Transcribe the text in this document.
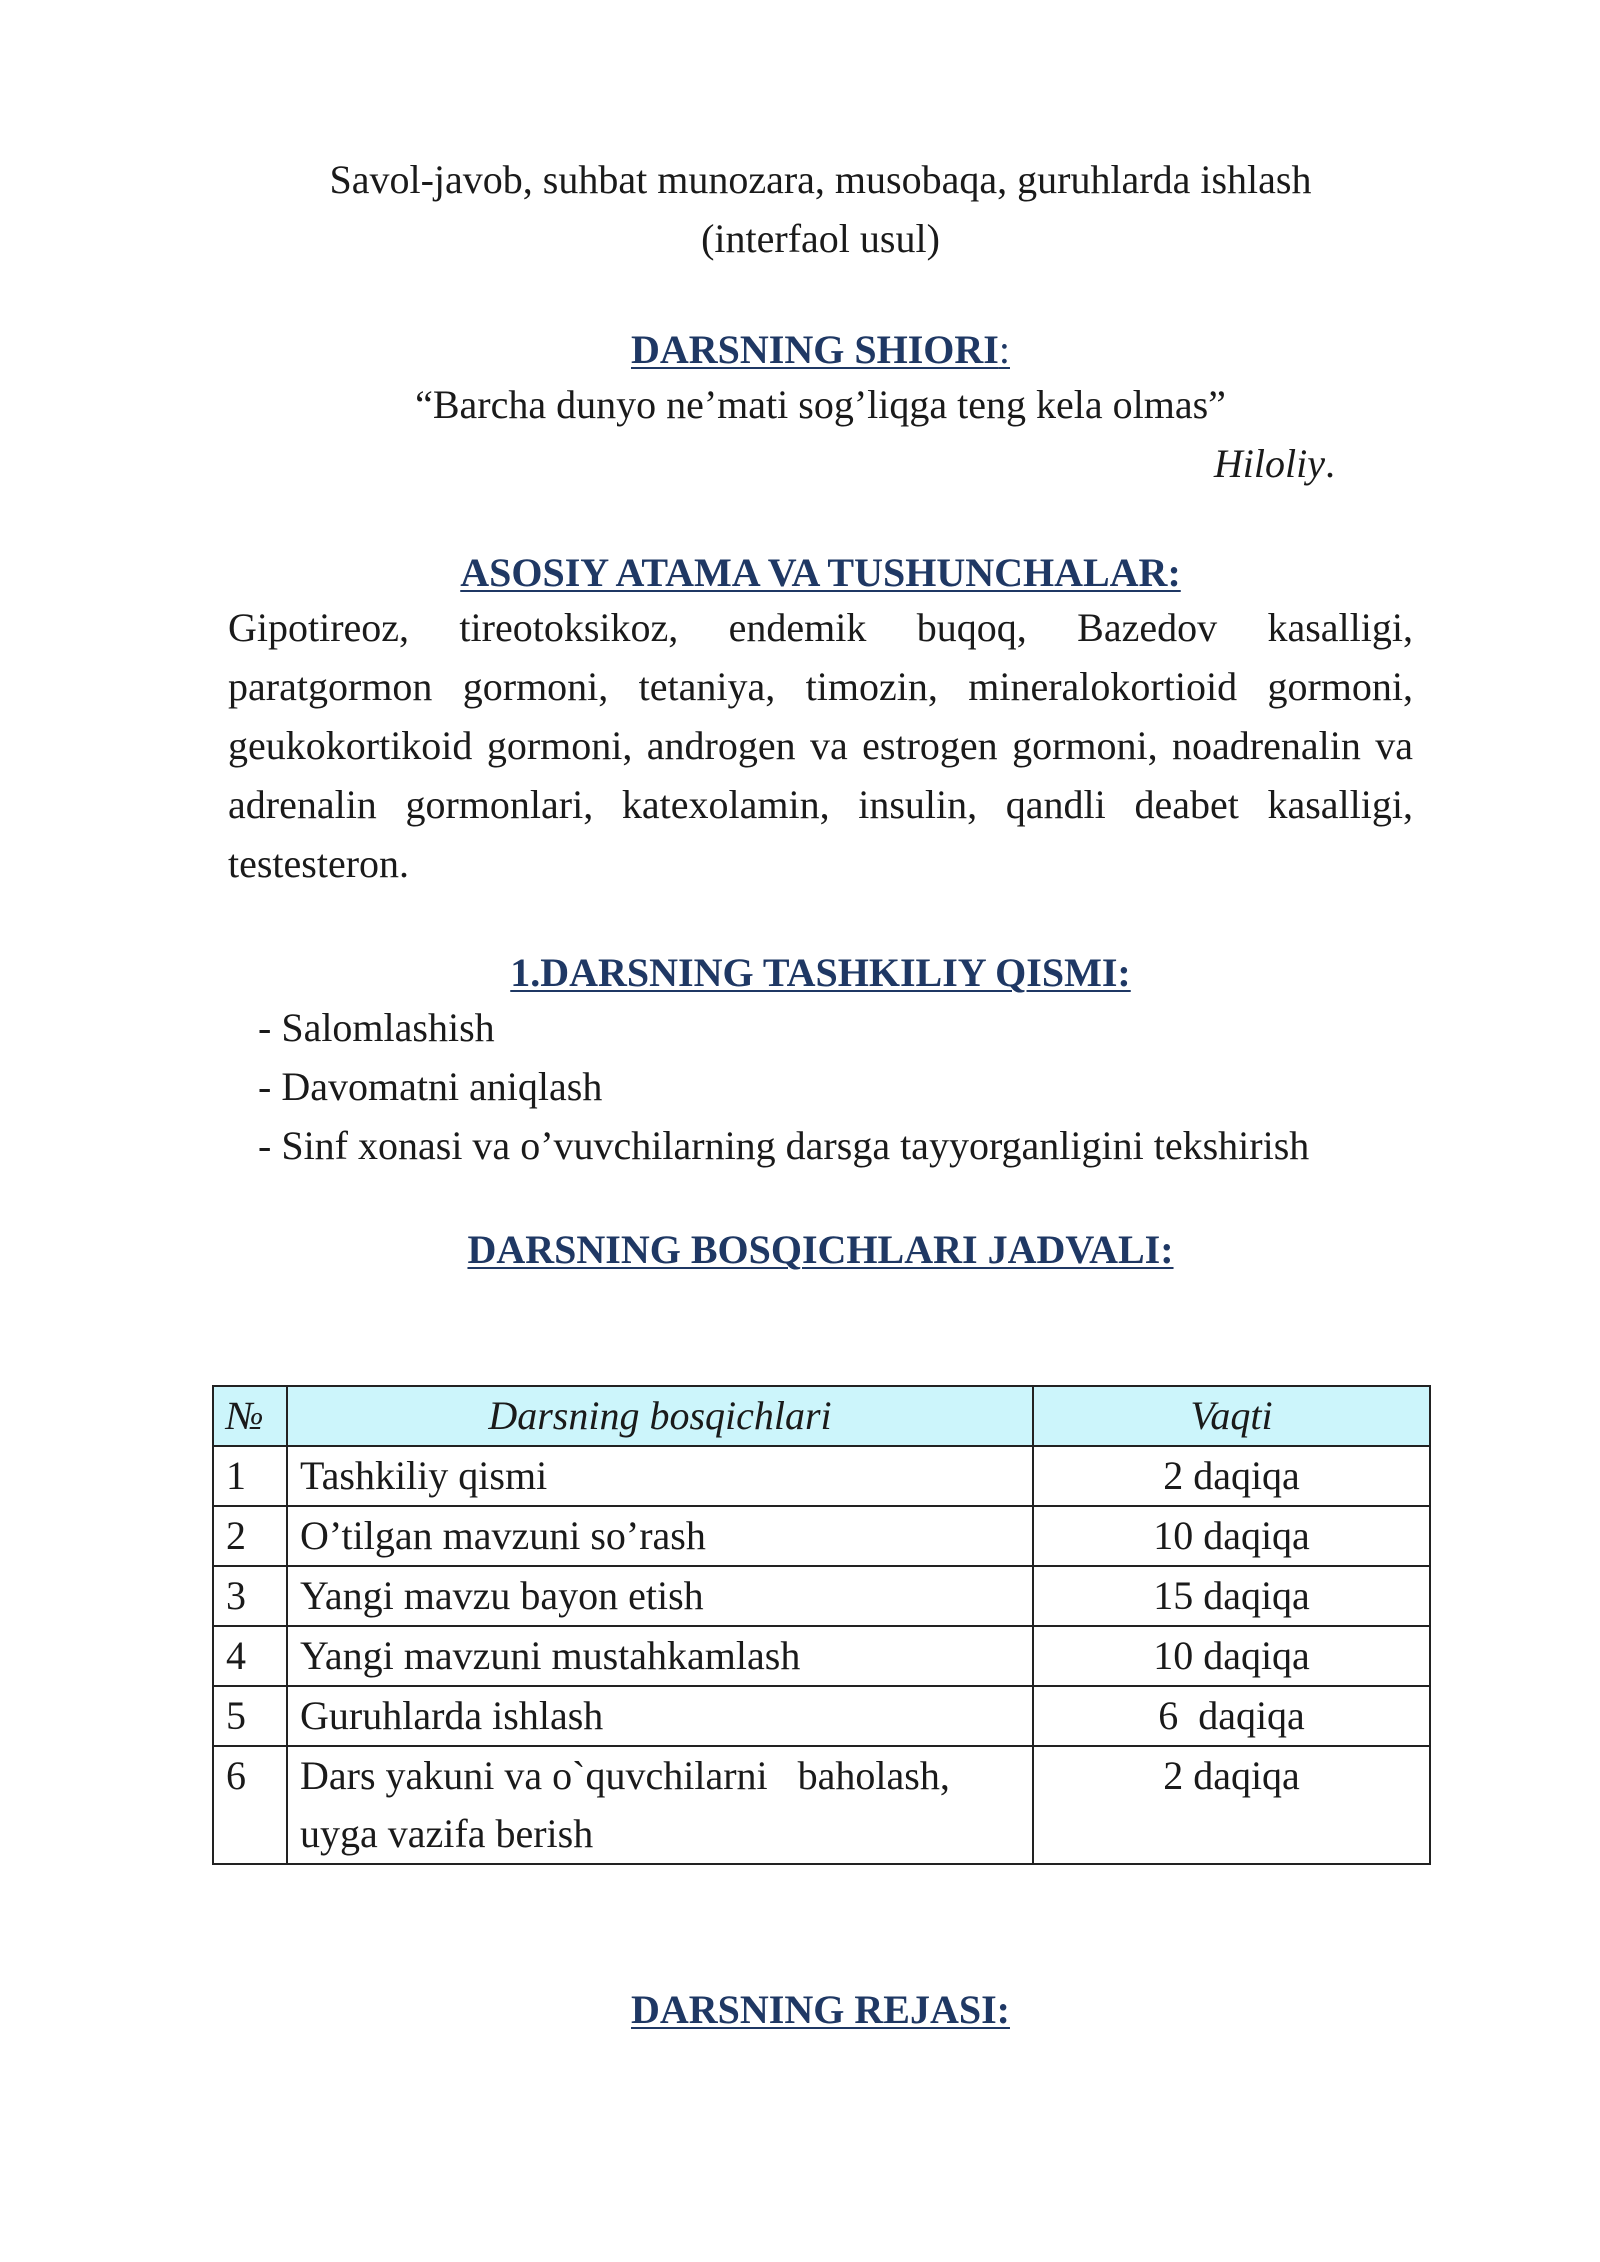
Savol-javob, suhbat munozara, musobaqa, guruhlarda ishlash

(interfaol usul)

DARSNING SHIORI:

“Barcha dunyo ne’mati sog’liqga teng kela olmas”

Hiloliy.

ASOSIY ATAMA VA TUSHUNCHALAR:

Gipotireoz, tireotoksikoz, endemik buqoq, Bazedov kasalligi, paratgormon gormoni, tetaniya, timozin, mineralokortioid gormoni, geukokortikoid gormoni, androgen va estrogen gormoni, noadrenalin va adrenalin gormonlari, katexolamin, insulin, qandli deabet kasalligi, testesteron.

1.DARSNING TASHKILIY QISMI:

- Salomlashish
- Davomatni aniqlash
- Sinf xonasi va o’vuvchilarning darsga tayyorganligini tekshirish

DARSNING BOSQICHLARI JADVALI:

№	Darsning bosqichlari	Vaqti
1	Tashkiliy qismi	2 daqiqa
2	O’tilgan mavzuni so’rash	10 daqiqa
3	Yangi mavzu bayon etish	15 daqiqa
4	Yangi mavzuni mustahkamlash	10 daqiqa
5	Guruhlarda ishlash	6  daqiqa
6	Dars yakuni va o`quvchilarni   baholash, uyga vazifa berish	2 daqiqa

DARSNING REJASI:
